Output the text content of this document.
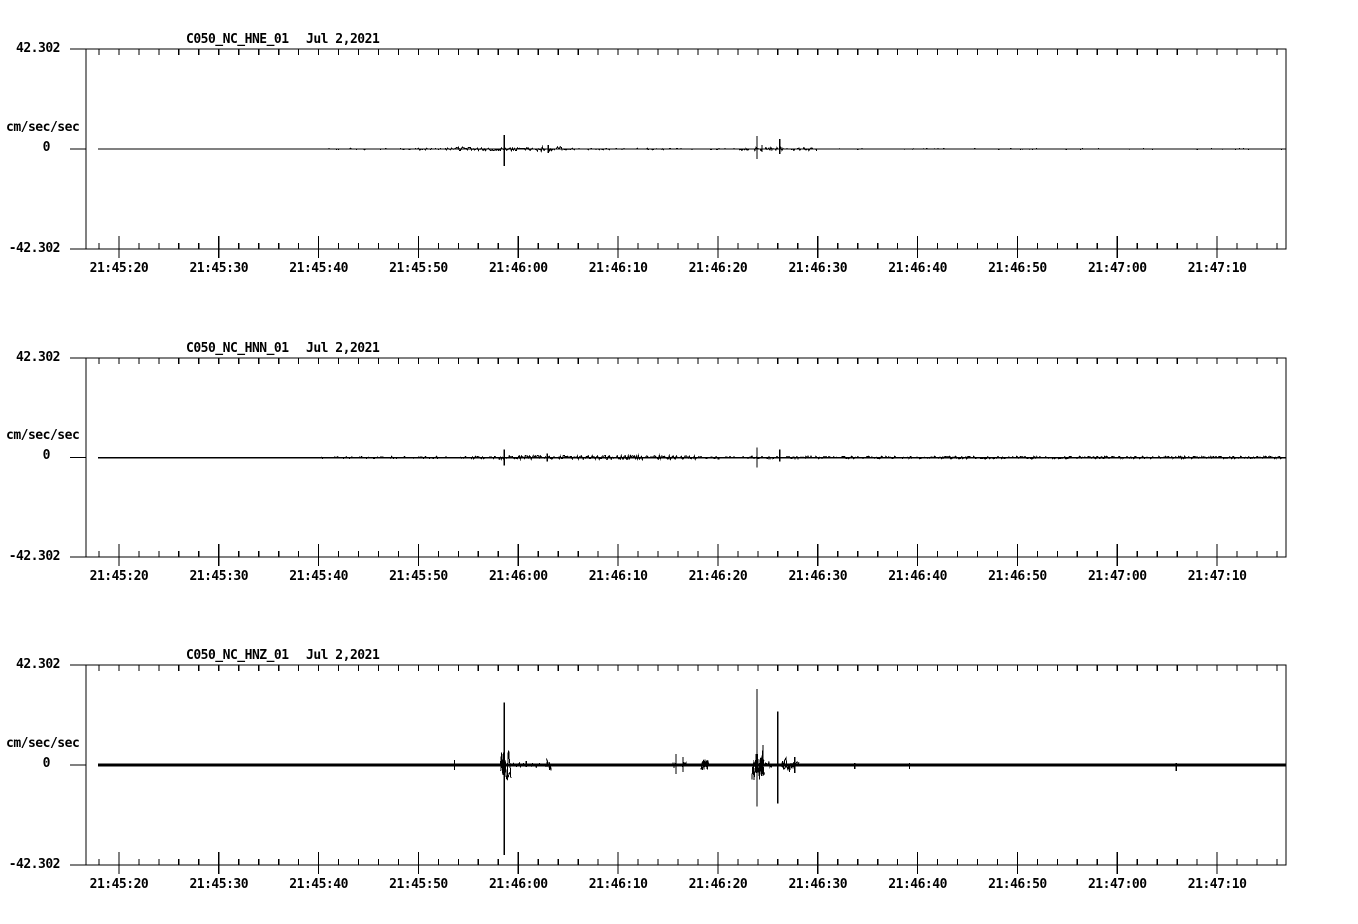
C050_NC_HNE_01 Jul 2,2021
42.302
cm/sec/sec
0
-42.302
C050_NC_HNN_01 Jul 2,2021
42.302
cm/sec/sec
0
-42.302
C050_NC_HNZ_01 Jul 2,2021
42.302
cm/sec/sec
0
-42.302
21:45:20	21:45:30	21:45:40	21:45:50	21:46:00	21:46:10	21:46:20	21:46:30	21:46:40	21:46:50	21:47:00	21:47:10
21:45:20	21:45:30	21:45:40	21:45:50	21:46:00	21:46:10	21:46:20	21:46:30	21:46:40	21:46:50	21:47:00	21:47:10
21:45:20	21:45:30	21:45:40	21:45:50	21:46:00	21:46:10	21:46:20	21:46:30	21:46:40	21:46:50	21:47:00	21:47:10
